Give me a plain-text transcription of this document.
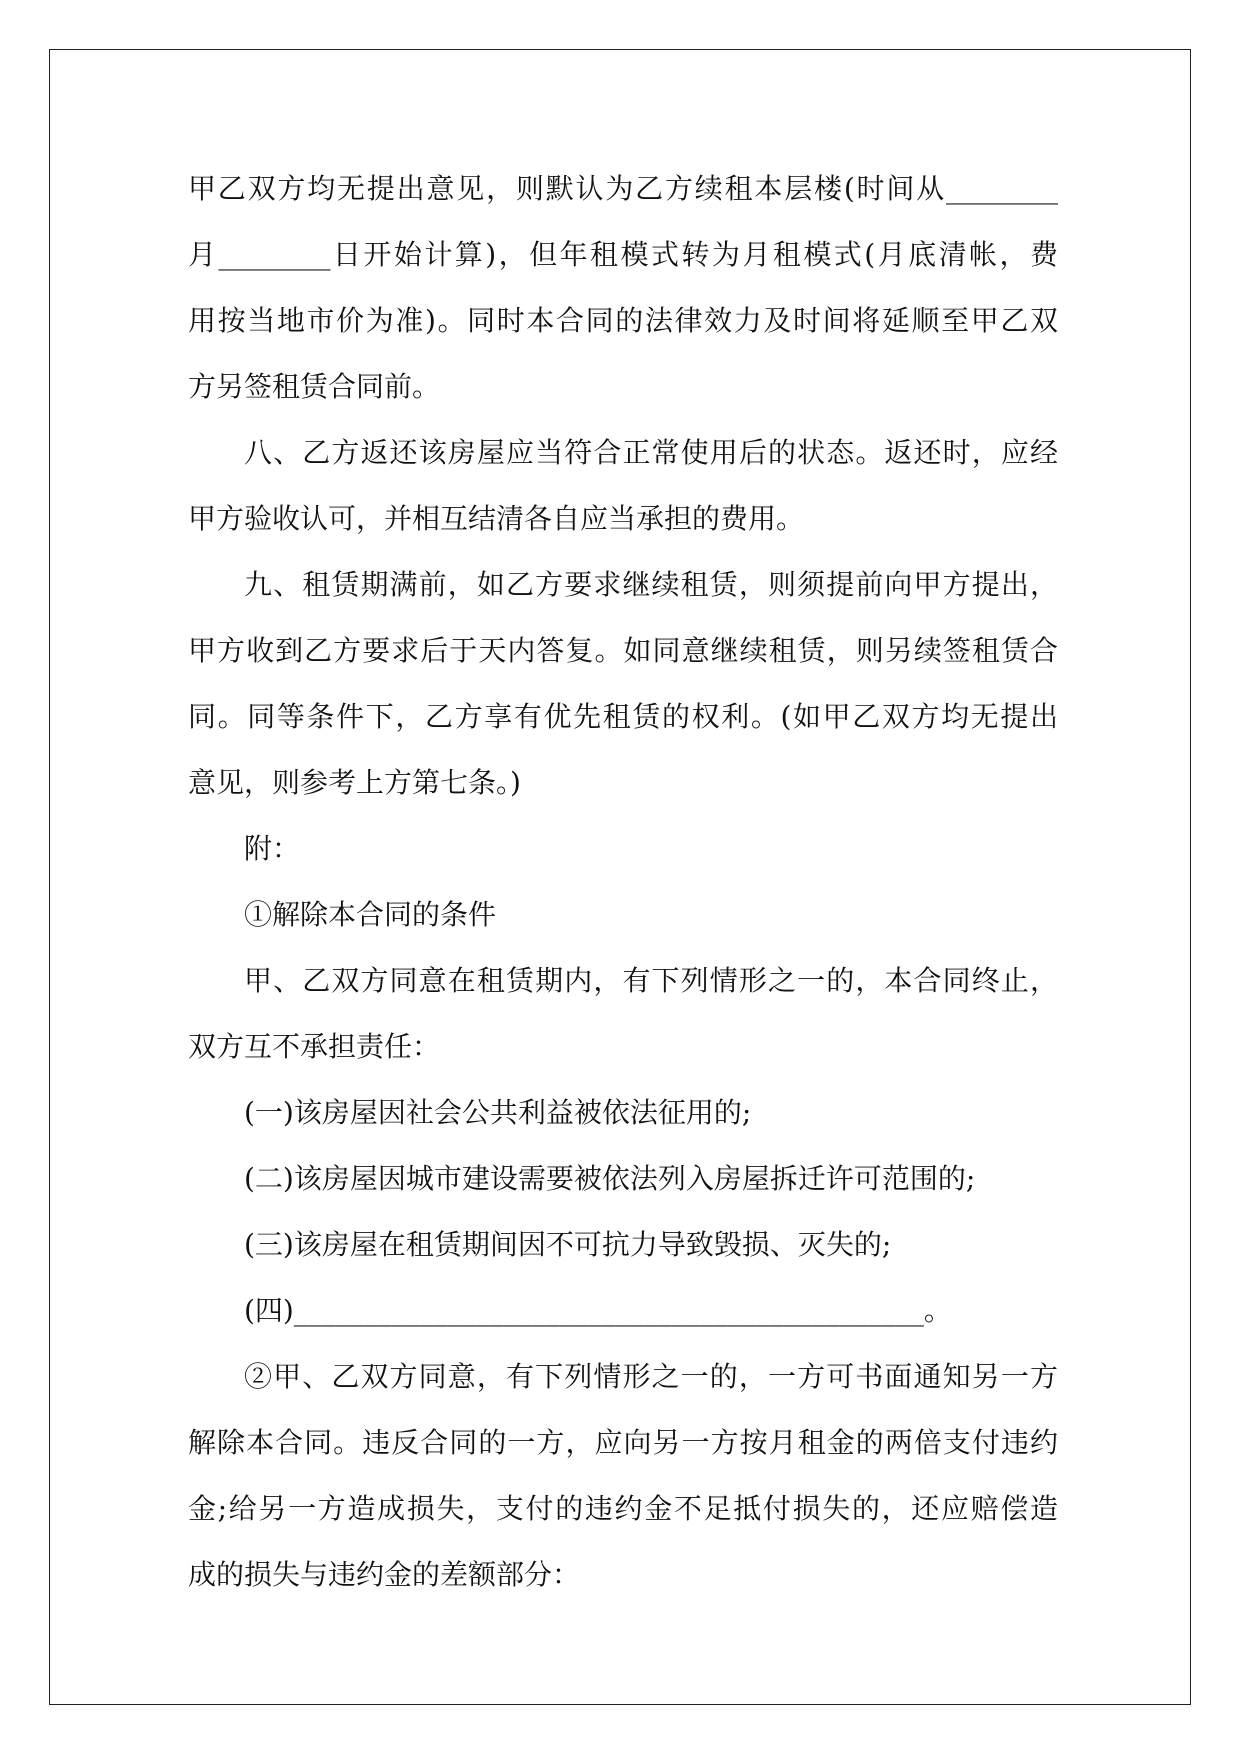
甲乙双方均无提出意见，则默认为乙方续租本层楼(时间从________
月________日开始计算)，但年租模式转为月租模式(月底清帐，费
用按当地市价为准)。同时本合同的法律效力及时间将延顺至甲乙双
方另签租赁合同前。
八、乙方返还该房屋应当符合正常使用后的状态。返还时，应经
甲方验收认可，并相互结清各自应当承担的费用。
九、租赁期满前，如乙方要求继续租赁，则须提前向甲方提出，
甲方收到乙方要求后于天内答复。如同意继续租赁，则另续签租赁合
同。同等条件下，乙方享有优先租赁的权利。(如甲乙双方均无提出
意见，则参考上方第七条。)
附：
①解除本合同的条件
甲、乙双方同意在租赁期内，有下列情形之一的，本合同终止，
双方互不承担责任：
(一)该房屋因社会公共利益被依法征用的;
(二)该房屋因城市建设需要被依法列入房屋拆迁许可范围的;
(三)该房屋在租赁期间因不可抗力导致毁损、灭失的;
(四)_____________________________________________。
②甲、乙双方同意，有下列情形之一的，一方可书面通知另一方
解除本合同。违反合同的一方，应向另一方按月租金的两倍支付违约
金;给另一方造成损失，支付的违约金不足抵付损失的，还应赔偿造
成的损失与违约金的差额部分：
